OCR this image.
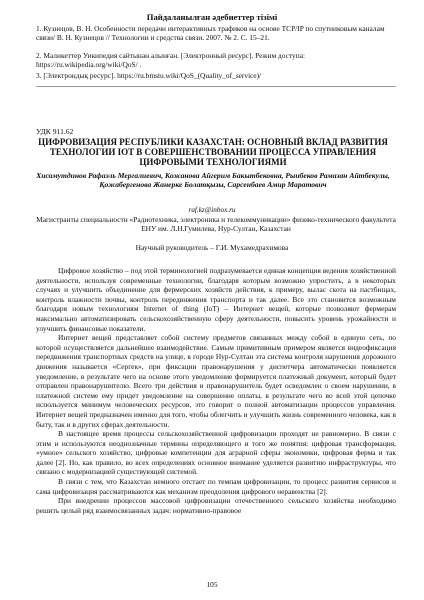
Пайдаланылған әдебиеттер тізімі
1. Кузнецов, В. Н. Особенности передачи интерактивных трафиков на основе TCP/IP по спутниковым каналам связи/ В. Н. Кузнецов // Технологии и средства связи. 2007. № 2. С. 15–21.
2. Маликеттер Уикипедия сайтынан алынған. [Электронный ресурс]. Режим доступа: https://ru.wikipedia.org/wiki/QoS/ .
3. [Электрондық ресурс]. https://ru.bmstu.wiki/QoS_(Quality_of_service)/
УДК 911.62
ЦИФРОВИЗАЦИЯ РЕСПУБЛИКИ КАЗАХСТАН: ОСНОВНЫЙ ВКЛАД РАЗВИТИЯ ТЕХНОЛОГИИ IOT В СОВЕРШЕНСТВОВАНИИ ПРОЦЕССА УПРАВЛЕНИЯ ЦИФРОВЫМИ ТЕХНОЛОГИЯМИ
Хисамутдинов Рафаэль Мергалиевич, Кожанова Айгерим Бакытбековна, Рыибеков Рамазан Айтбекулы, Қожабергенова Жанерке Болатқызы, Сарсенбаев Амир Маратович
raf.kz@inbox.ru
Магистранты специальности «Радиотехника, электроника и телекоммуникации» физико-технического факультета ЕНУ им. Л.Н.Гумилева, Нур-Султан, Казахстан
Научный руководитель – Г.И. Мухамедрахимова

Цифровое хозяйство – под этой терминологией подразумевается единая концепция ведения хозяйственной деятельности, используя современные технологии, благодаря которым возможно упростить, а в некоторых случаях и улучшить объединение для фермерских хозяйств действия, к примеру, вылас скота на пастбищах, контроль влажности почвы, контроль передвижения транспорта и так далее. Все это становится возможным благодаря новым технологиям Internet of thing (IoT) – Интернет вещей, которые позволяют фермерам максимально автоматизировать сельскохозяйственную сферу деятельности, повысить уровень урожайности и улучшить финансовые показатели.

Интернет вещей представляет собой систему предметов связанных между собой в единую сеть, по которой осуществляется дальнейшее взаимодействие. Самым примитивным примером является видеофиксация передвижения транспортных средств на улице, в городе Нур-Султан эта система контроля нарушения дорожного движения называется «Сергек», при фиксации правонарушения у диспетчера автоматически появляется уведомление, в результате чего на основе этого уведомление формируется платежный документ, который будет отправлен правонарушителю. Всего три действия и правонарушитель будет осведомлен о своем нарушении, в платежной системе ему придет уведомление на совершение оплаты, в результате чего во всей этой цепочке используется минимум человеческих ресурсов, это говорит о полной автоматизации процессов управления. Интернет вещей предназначен именно для того, чтобы облегчить и улучшить жизнь современного человека, как в быту, так и в других сферах деятельности.

В настоящее время процессы сельскохозяйственной цифровизации проходят не равномерно. В связи с этим и используются неоднозначные термины определяющего и того же понятия: цифровая трансформация, «умное» сельского хозяйство, цифровые компетенции для аграрной сферы экономики, цифровая ферма и так далее [2]. Но, как правило, во всех определениях основное внимание уделяется развитию инфраструктуры, что связано с модернизацией существующей системой.

В связи с тем, что Казахстан немного отстает по темпам цифровизации, то процесс развития сервисов и сама цифровизация рассматриваются как механизм преодоления цифрового неравенства [2].

При внедрении процессов массовой цифровизации отечественного сельского хозяйства необходимо решить целый ряд взаимосвязанных задач: нормативно-правовое

105
